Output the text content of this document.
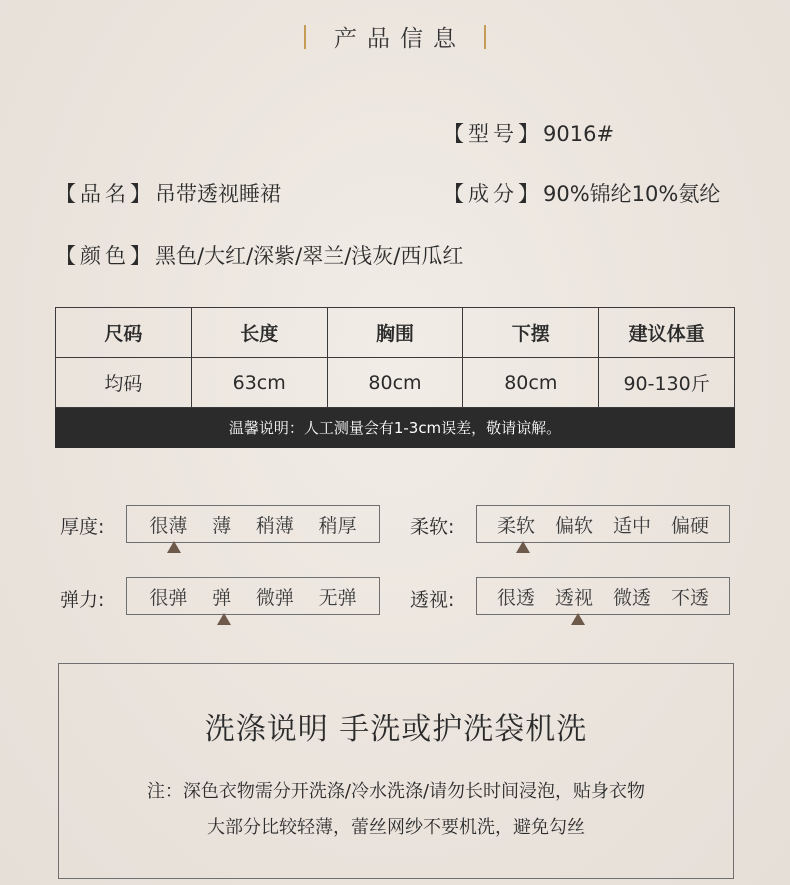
产品信息
【型号】9016#
【品名】吊带透视睡裙	【成分】90%锦纶10%氨纶
【颜色】黑色/大红/深紫/翠兰/浅灰/西瓜红
尺码	长度	胸围	下摆	建议体重
均码	63cm	80cm	80cm	90-130斤
温馨说明：人工测量会有1-3cm误差，敬请谅解。				
厚度: 很薄 薄 稍薄 稍厚	柔软: 柔软 偏软 适中 偏硬
弹力: 很弹 弹 微弹 无弹	透视: 很透 透视 微透 不透
洗涤说明 手洗或护洗袋机洗
注：深色衣物需分开洗涤/冷水洗涤/请勿长时间浸泡，贴身衣物
大部分比较轻薄，蕾丝网纱不要机洗，避免勾丝
